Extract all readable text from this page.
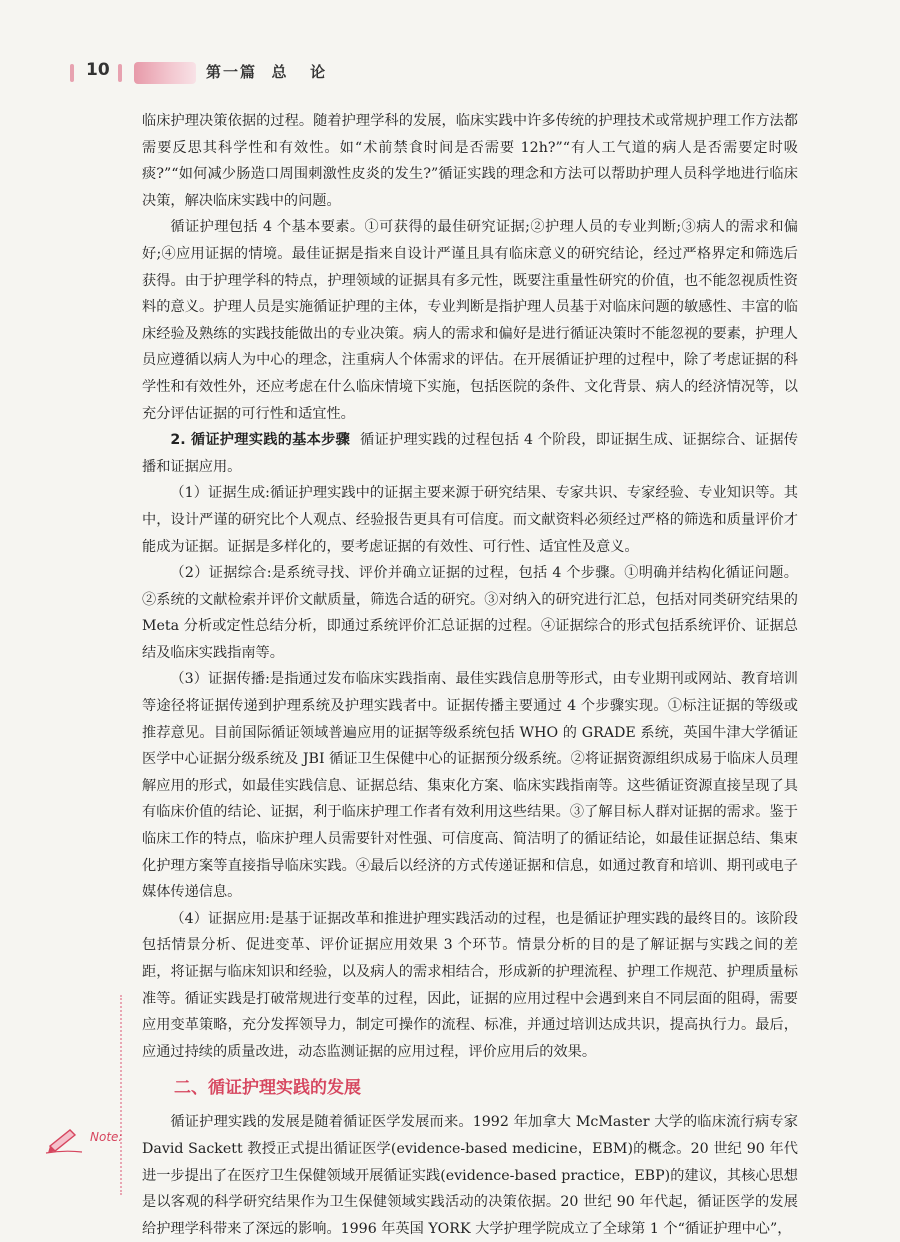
10	第一篇  总   论

临床护理决策依据的过程。随着护理学科的发展，临床实践中许多传统的护理技术或常规护理工作方法都需要反思其科学性和有效性。如“术前禁食时间是否需要 12h?”“有人工气道的病人是否需要定时吸痰?”“如何减少肠造口周围刺激性皮炎的发生?”循证实践的理念和方法可以帮助护理人员科学地进行临床决策，解决临床实践中的问题。

循证护理包括 4 个基本要素。①可获得的最佳研究证据;②护理人员的专业判断;③病人的需求和偏好;④应用证据的情境。最佳证据是指来自设计严谨且具有临床意义的研究结论，经过严格界定和筛选后获得。由于护理学科的特点，护理领域的证据具有多元性，既要注重量性研究的价值，也不能忽视质性资料的意义。护理人员是实施循证护理的主体，专业判断是指护理人员基于对临床问题的敏感性、丰富的临床经验及熟练的实践技能做出的专业决策。病人的需求和偏好是进行循证决策时不能忽视的要素，护理人员应遵循以病人为中心的理念，注重病人个体需求的评估。在开展循证护理的过程中，除了考虑证据的科学性和有效性外，还应考虑在什么临床情境下实施，包括医院的条件、文化背景、病人的经济情况等，以充分评估证据的可行性和适宜性。

2. 循证护理实践的基本步骤 循证护理实践的过程包括 4 个阶段，即证据生成、证据综合、证据传播和证据应用。

（1）证据生成:循证护理实践中的证据主要来源于研究结果、专家共识、专家经验、专业知识等。其中，设计严谨的研究比个人观点、经验报告更具有可信度。而文献资料必须经过严格的筛选和质量评价才能成为证据。证据是多样化的，要考虑证据的有效性、可行性、适宜性及意义。

（2）证据综合:是系统寻找、评价并确立证据的过程，包括 4 个步骤。①明确并结构化循证问题。②系统的文献检索并评价文献质量，筛选合适的研究。③对纳入的研究进行汇总，包括对同类研究结果的 Meta 分析或定性总结分析，即通过系统评价汇总证据的过程。④证据综合的形式包括系统评价、证据总结及临床实践指南等。

（3）证据传播:是指通过发布临床实践指南、最佳实践信息册等形式，由专业期刊或网站、教育培训等途径将证据传递到护理系统及护理实践者中。证据传播主要通过 4 个步骤实现。①标注证据的等级或推荐意见。目前国际循证领域普遍应用的证据等级系统包括 WHO 的 GRADE 系统，英国牛津大学循证医学中心证据分级系统及 JBI 循证卫生保健中心的证据预分级系统。②将证据资源组织成易于临床人员理解应用的形式，如最佳实践信息、证据总结、集束化方案、临床实践指南等。这些循证资源直接呈现了具有临床价值的结论、证据，利于临床护理工作者有效利用这些结果。③了解目标人群对证据的需求。鉴于临床工作的特点，临床护理人员需要针对性强、可信度高、简洁明了的循证结论，如最佳证据总结、集束化护理方案等直接指导临床实践。④最后以经济的方式传递证据和信息，如通过教育和培训、期刊或电子媒体传递信息。

（4）证据应用:是基于证据改革和推进护理实践活动的过程，也是循证护理实践的最终目的。该阶段包括情景分析、促进变革、评价证据应用效果 3 个环节。情景分析的目的是了解证据与实践之间的差距，将证据与临床知识和经验，以及病人的需求相结合，形成新的护理流程、护理工作规范、护理质量标准等。循证实践是打破常规进行变革的过程，因此，证据的应用过程中会遇到来自不同层面的阻碍，需要应用变革策略，充分发挥领导力，制定可操作的流程、标准，并通过培训达成共识，提高执行力。最后，应通过持续的质量改进，动态监测证据的应用过程，评价应用后的效果。

二、循证护理实践的发展

循证护理实践的发展是随着循证医学发展而来。1992 年加拿大 McMaster 大学的临床流行病专家 David Sackett 教授正式提出循证医学(evidence-based medicine，EBM)的概念。20 世纪 90 年代进一步提出了在医疗卫生保健领域开展循证实践(evidence-based practice，EBP)的建议，其核心思想是以客观的科学研究结果作为卫生保健领域实践活动的决策依据。20 世纪 90 年代起，循证医学的发展给护理学科带来了深远的影响。1996 年英国 YORK 大学护理学院成立了全球第 1 个“循证护理中心”，

Note:
